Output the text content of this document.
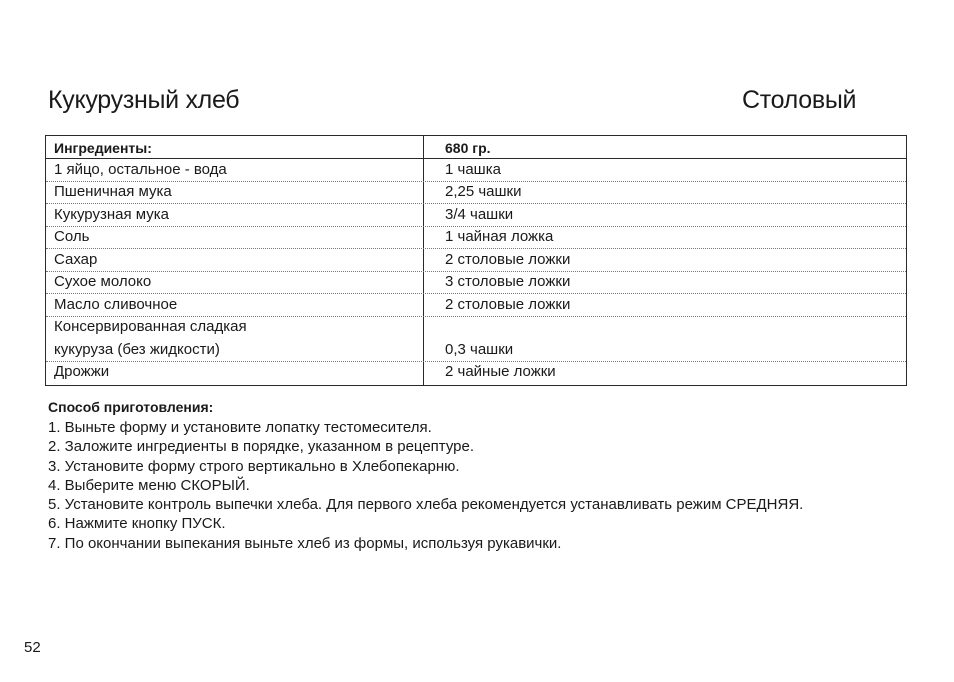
Кукурузный хлеб	Столовый
Ингредиенты:	680 гр.
1 яйцо, остальное - вода	1 чашка
Пшеничная мука	2,25 чашки
Кукурузная мука	3/4 чашки
Соль	1 чайная ложка
Сахар	2 столовые ложки
Сухое молоко	3 столовые ложки
Масло сливочное	2 столовые ложки
Консервированная сладкая
кукуруза (без жидкости)	0,3 чашки
Дрожжи	2 чайные ложки
Способ приготовления:
1. Выньте форму и установите лопатку тестомесителя.
2. Заложите ингредиенты в порядке, указанном в рецептуре.
3. Установите форму строго вертикально в Хлебопекарню.
4. Выберите меню СКОРЫЙ.
5. Установите контроль выпечки хлеба. Для первого хлеба рекомендуется устанавливать режим СРЕДНЯЯ.
6. Нажмите кнопку ПУСК.
7. По окончании выпекания выньте хлеб из формы, используя рукавички.
52
